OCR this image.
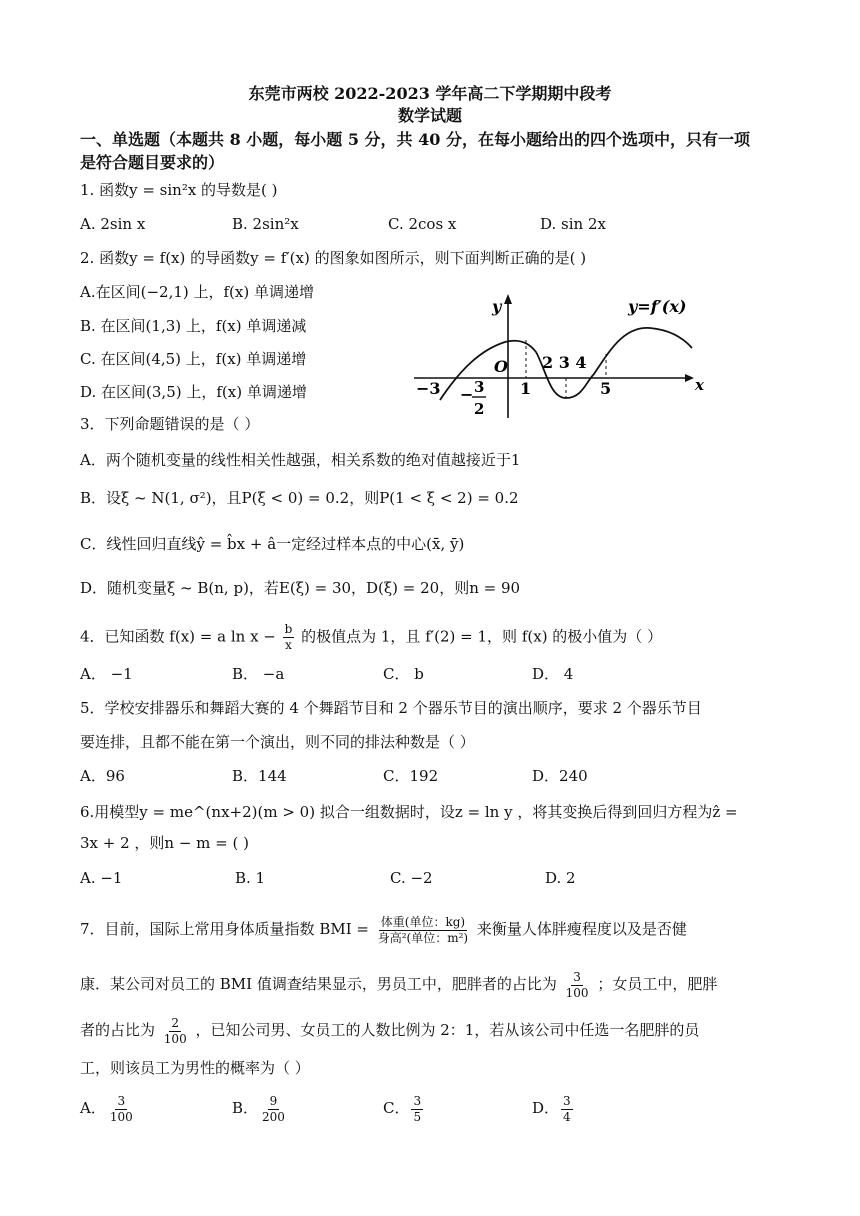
东莞市两校 2022-2023 学年高二下学期期中段考
数学试题
一、单选题（本题共 8 小题，每小题 5 分，共 40 分，在每小题给出的四个选项中，只有一项
是符合题目要求的）
1. 函数y = sin²x 的导数是( )
A. 2sin x	B. 2sin²x	C. 2cos x	D. sin 2x
2. 函数y = f(x) 的导函数y = f′(x) 的图象如图所示，则下面判断正确的是( )
A.在区间(−2,1) 上，f(x) 单调递增
B. 在区间(1,3) 上，f(x) 单调递减
C. 在区间(4,5) 上，f(x) 单调递增
D. 在区间(3,5) 上，f(x) 单调递增
y
x
y=f′(x)
O
−3 − 3
2
1
2 3 4
5
3．下列命题错误的是（ ）
A．两个随机变量的线性相关性越强，相关系数的绝对值越接近于1
B．设ξ ~ N(1, σ²)，且P(ξ < 0) = 0.2，则P(1 < ξ < 2) = 0.2
C．线性回归直线ŷ = b̂x + â一定经过样本点的中心(x̄, ȳ)
D．随机变量ξ ~ B(n, p)，若E(ξ) = 30，D(ξ) = 20，则n = 90
4．已知函数 f(x) = a $\ln x - \frac{b}{x}$ 的极值点为 1，且 f′(2) = 1，则 f(x) 的极小值为（ ）
A． −1	B． −a	C． b	D． 4
5．学校安排器乐和舞蹈大赛的 4 个舞蹈节目和 2 个器乐节目的演出顺序，要求 2 个器乐节目
要连排，且都不能在第一个演出，则不同的排法种数是（ ）
A．96	B．144	C．192	D．240
6.用模型y = me^(nx+2)(m > 0) 拟合一组数据时，设z = ln y ，将其变换后得到回归方程为ẑ =
3x + 2 ，则n − m = ( )
A. −1	B. 1	C. −2	D. 2
7．目前，国际上常用身体质量指数 BMI = $\frac{\text{体重(单位：kg)}}{\text{身高²(单位：m²)}}$ 来衡量人体胖瘦程度以及是否健
康．某公司对员工的 BMI 值调查结果显示，男员工中，肥胖者的占比为 $\frac{3}{100}$ ；女员工中，肥胖
者的占比为 $\frac{2}{100}$ ，已知公司男、女员工的人数比例为 2：1，若从该公司中任选一名肥胖的员
工，则该员工为男性的概率为（ ）
A． $\frac{3}{100}$	B． $\frac{9}{200}$	C． $\frac{3}{5}$	D． $\frac{3}{4}$
